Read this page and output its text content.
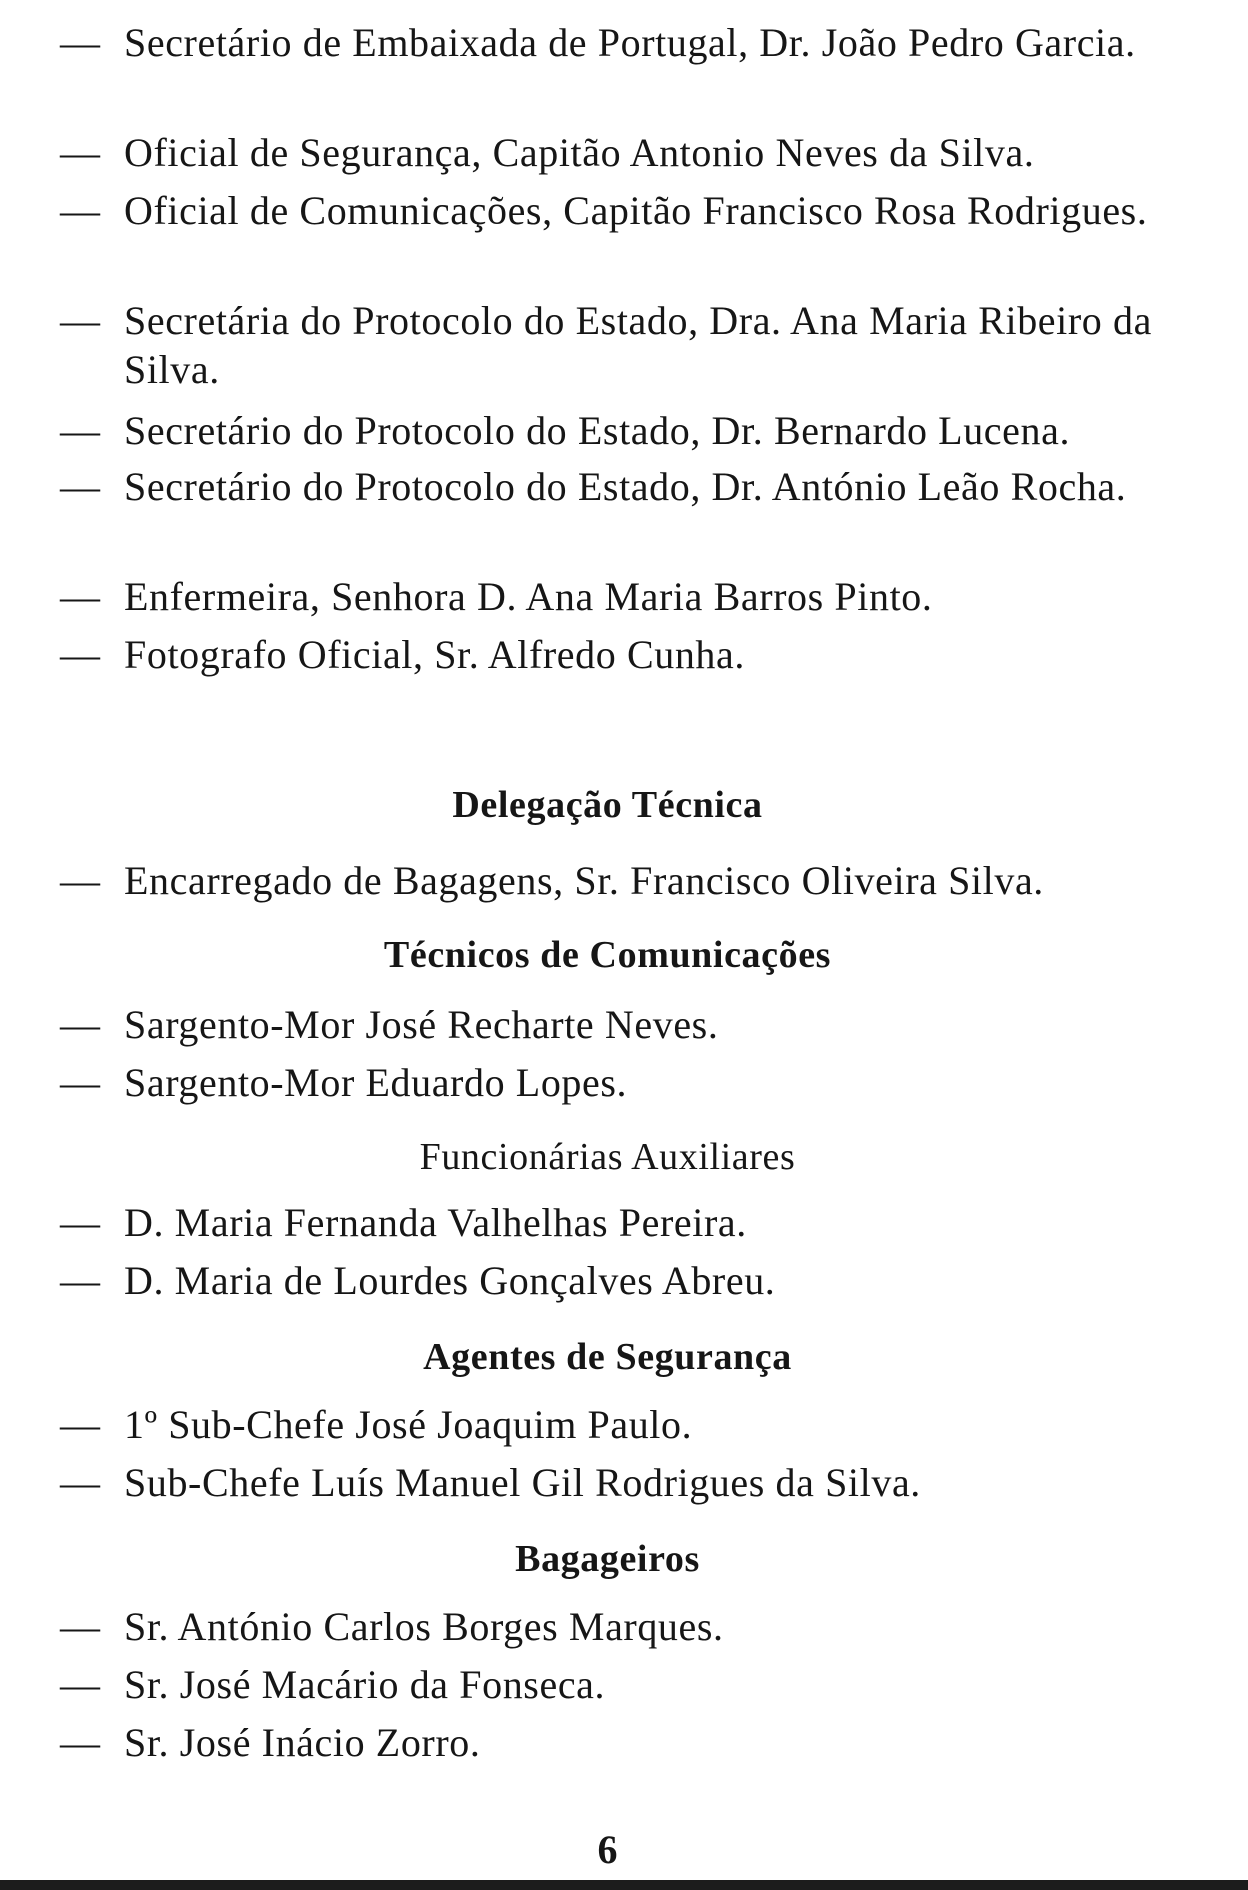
— Secretário de Embaixada de Portugal, Dr. João Pedro Garcia.
— Oficial de Segurança, Capitão Antonio Neves da Silva.
— Oficial de Comunicações, Capitão Francisco Rosa Rodrigues.
— Secretária do Protocolo do Estado, Dra. Ana Maria Ribeiro da Silva.
— Secretário do Protocolo do Estado, Dr. Bernardo Lucena.
— Secretário do Protocolo do Estado, Dr. António Leão Rocha.
— Enfermeira, Senhora D. Ana Maria Barros Pinto.
— Fotografo Oficial, Sr. Alfredo Cunha.
Delegação Técnica
— Encarregado de Bagagens, Sr. Francisco Oliveira Silva.
Técnicos de Comunicações
— Sargento-Mor José Recharte Neves.
— Sargento-Mor Eduardo Lopes.
Funcionárias Auxiliares
— D. Maria Fernanda Valhelhas Pereira.
— D. Maria de Lourdes Gonçalves Abreu.
Agentes de Segurança
— 1º Sub-Chefe José Joaquim Paulo.
— Sub-Chefe Luís Manuel Gil Rodrigues da Silva.
Bagageiros
— Sr. António Carlos Borges Marques.
— Sr. José Macário da Fonseca.
— Sr. José Inácio Zorro.
6
